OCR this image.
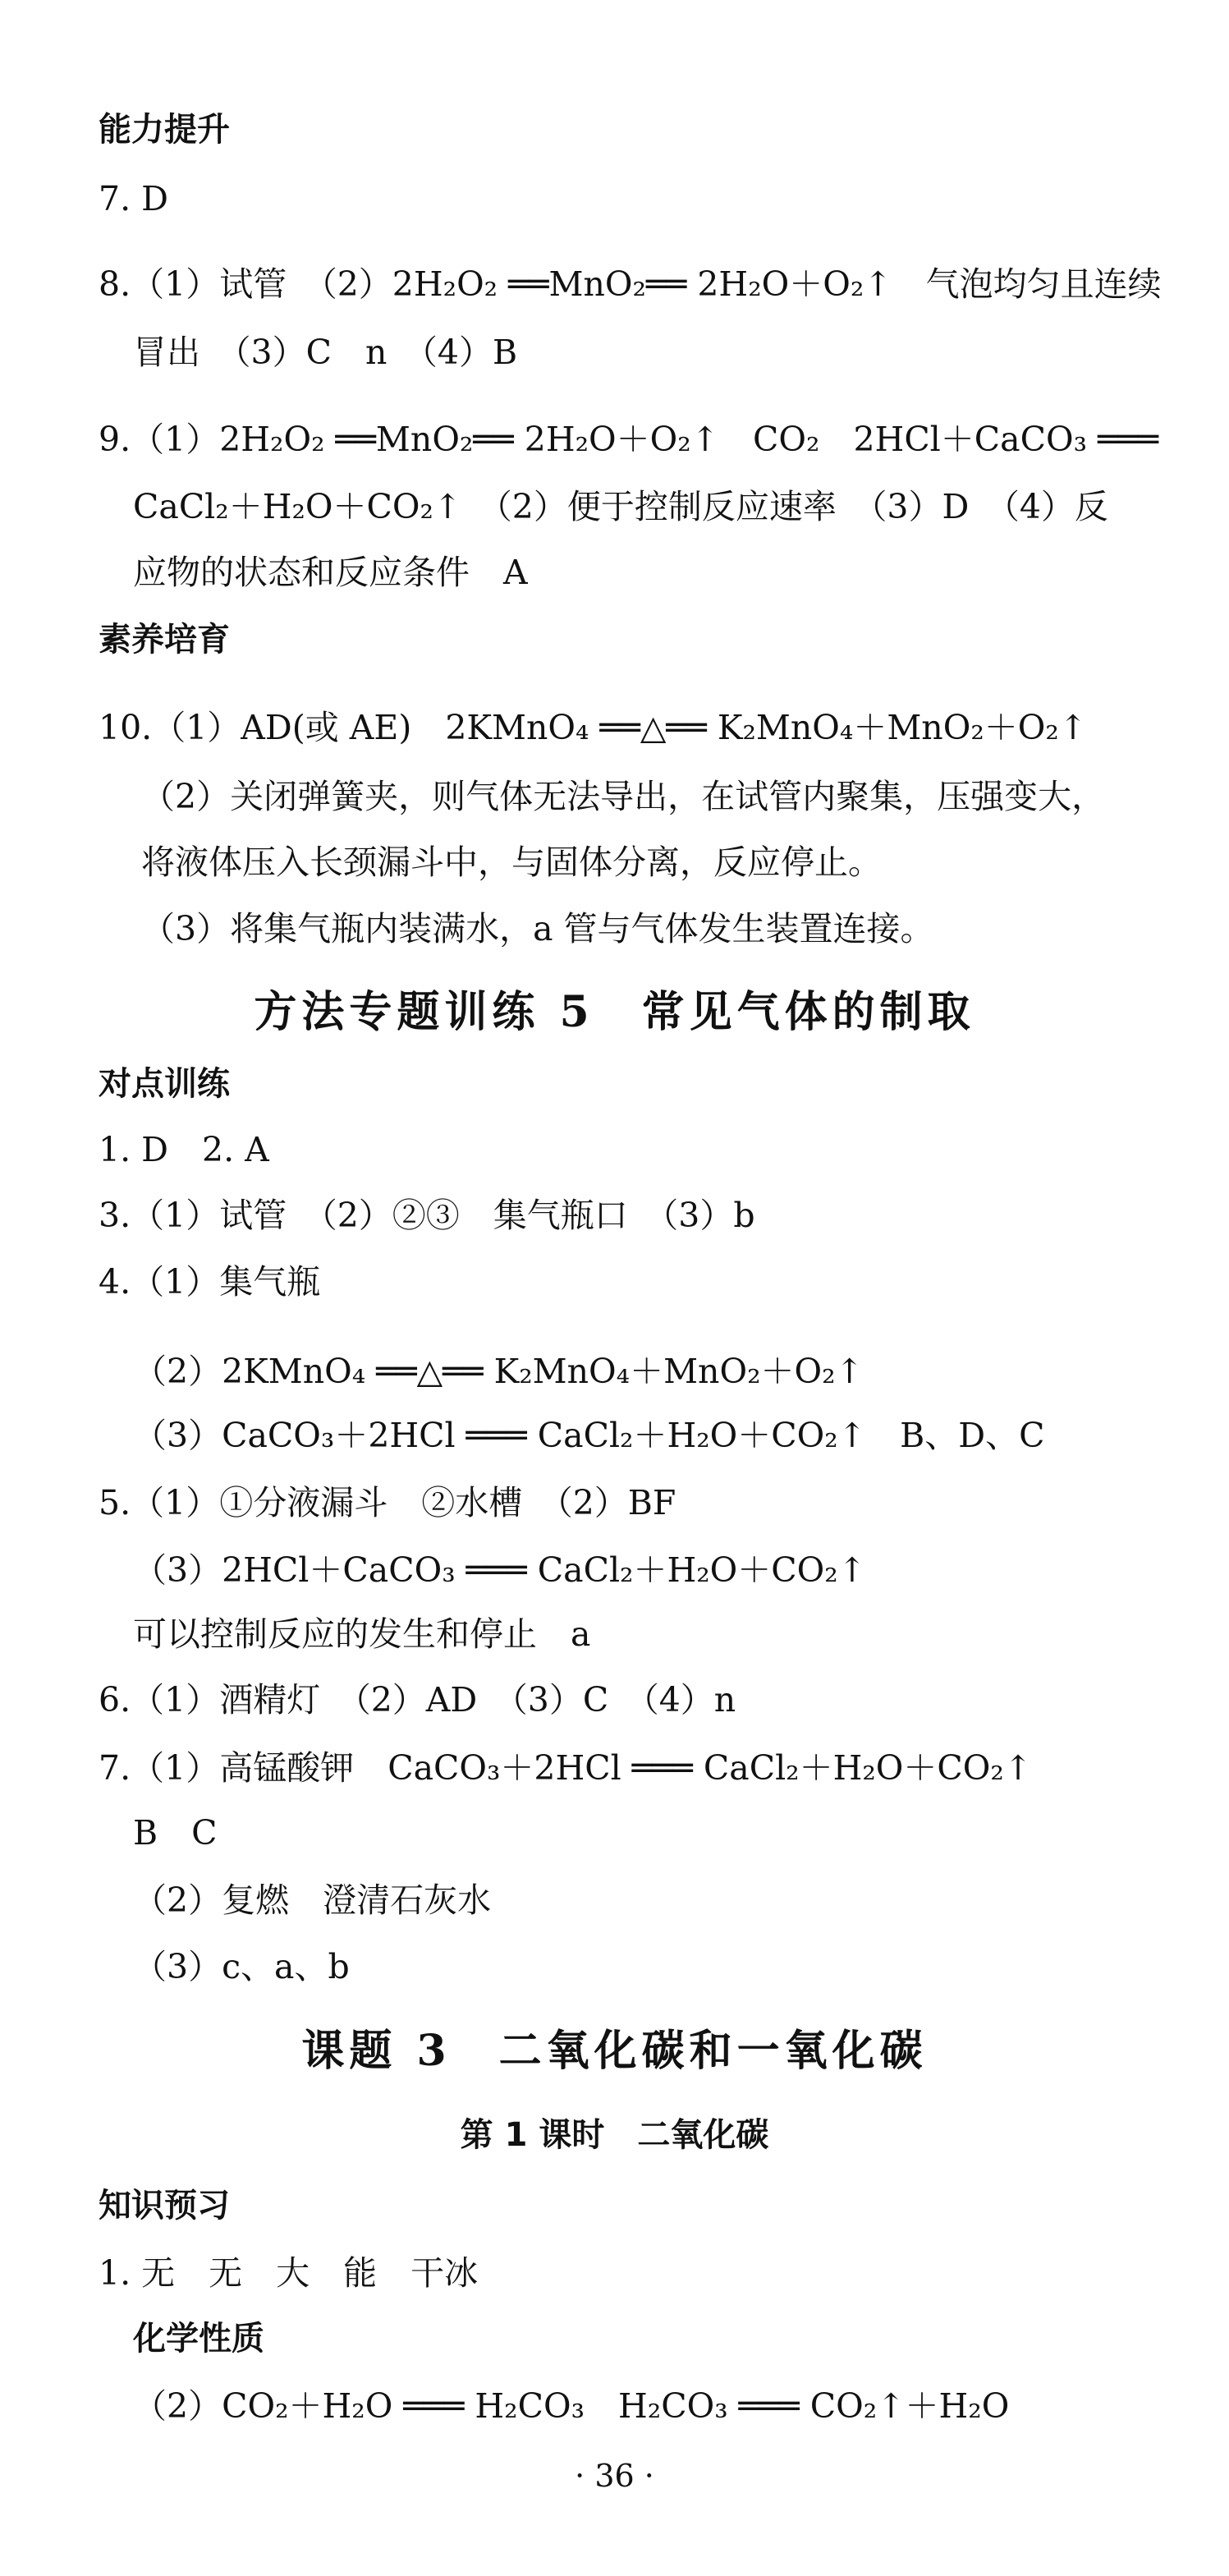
能力提升
7. D
8.（1）试管　（2）2H₂O₂ ══MnO₂══ 2H₂O＋O₂↑　气泡均匀且连续
冒出　（3）C　n　（4）B
9.（1）2H₂O₂ ══MnO₂══ 2H₂O＋O₂↑　CO₂　2HCl＋CaCO₃ ═══
CaCl₂＋H₂O＋CO₂↑　（2）便于控制反应速率　（3）D　（4）反
应物的状态和反应条件　A
素养培育
10.（1）AD(或 AE)　2KMnO₄ ══△══ K₂MnO₄＋MnO₂＋O₂↑
（2）关闭弹簧夹，则气体无法导出，在试管内聚集，压强变大，
将液体压入长颈漏斗中，与固体分离，反应停止。
（3）将集气瓶内装满水，a 管与气体发生装置连接。
方法专题训练 5　常见气体的制取
对点训练
1. D　2. A
3.（1）试管　（2）②③　集气瓶口　（3）b
4.（1）集气瓶
（2）2KMnO₄ ══△══ K₂MnO₄＋MnO₂＋O₂↑
（3）CaCO₃＋2HCl ═══ CaCl₂＋H₂O＋CO₂↑　B、D、C
5.（1）①分液漏斗　②水槽　（2）BF
（3）2HCl＋CaCO₃ ═══ CaCl₂＋H₂O＋CO₂↑
可以控制反应的发生和停止　a
6.（1）酒精灯　（2）AD　（3）C　（4）n
7.（1）高锰酸钾　CaCO₃＋2HCl ═══ CaCl₂＋H₂O＋CO₂↑
B　C
（2）复燃　澄清石灰水
（3）c、a、b
课题 3　二氧化碳和一氧化碳
第 1 课时　二氧化碳
知识预习
1. 无　无　大　能　干冰
化学性质
（2）CO₂＋H₂O ═══ H₂CO₃　H₂CO₃ ═══ CO₂↑＋H₂O
· 36 ·
